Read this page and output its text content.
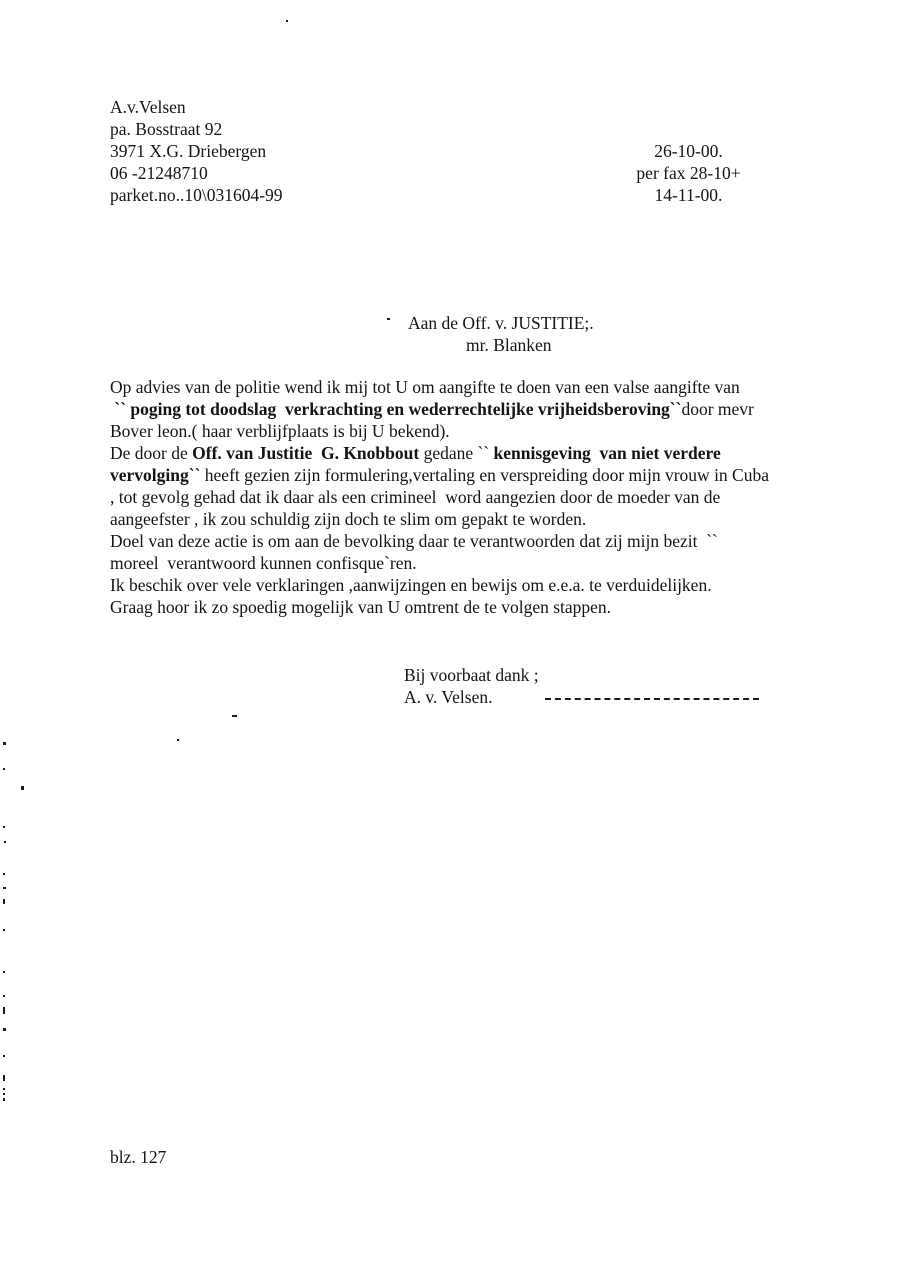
A.v.Velsen
pa. Bosstraat 92
3971 X.G. Driebergen
06 -21248710
parket.no..10\031604-99
26-10-00.
per fax 28-10+
14-11-00.
Aan de Off. v. JUSTITIE;.
mr. Blanken
Op advies van de politie wend ik mij tot U om aangifte te doen van een valse aangifte van
`` poging tot doodslag  verkrachting en wederrechtelijke vrijheidsberoving``door mevr
Bover leon.( haar verblijfplaats is bij U bekend).
De door de Off. van Justitie  G. Knobbout gedane `` kennisgeving  van niet verdere
vervolging`` heeft gezien zijn formulering,vertaling en verspreiding door mijn vrouw in Cuba
, tot gevolg gehad dat ik daar als een crimineel  word aangezien door de moeder van de
aangeefster , ik zou schuldig zijn doch te slim om gepakt te worden.
Doel van deze actie is om aan de bevolking daar te verantwoorden dat zij mijn bezit  ``
moreel  verantwoord kunnen confisque`ren.
Ik beschik over vele verklaringen ,aanwijzingen en bewijs om e.e.a. te verduidelijken.
Graag hoor ik zo spoedig mogelijk van U omtrent de te volgen stappen.
Bij voorbaat dank ;
A. v. Velsen.
blz. 127
